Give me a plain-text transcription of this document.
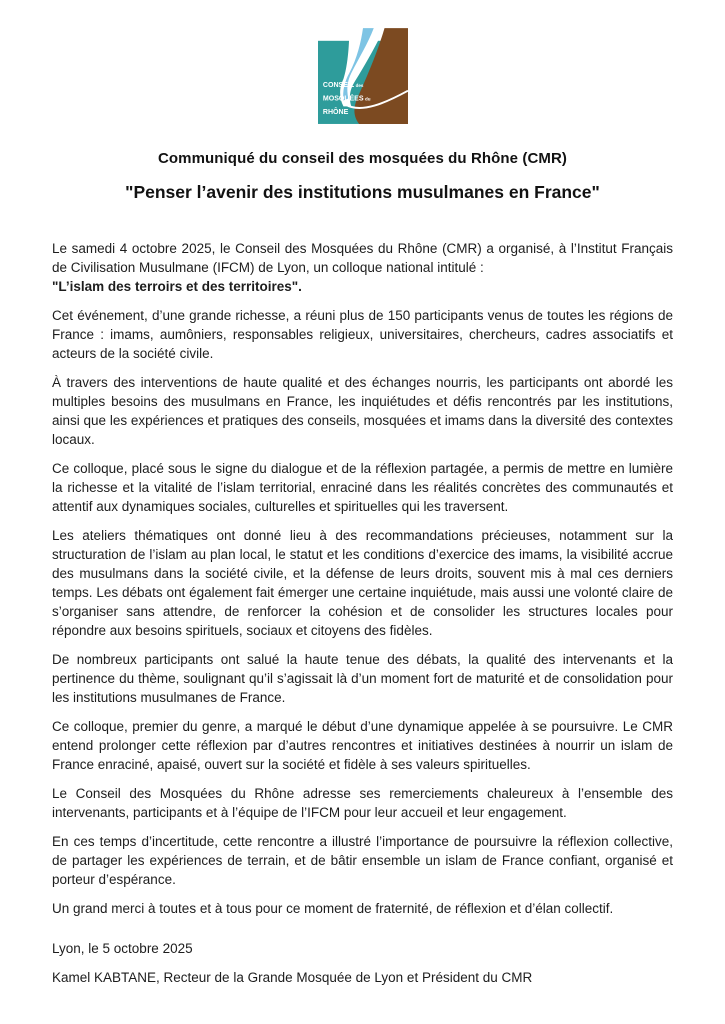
CONSEILdes
MOSQUÉESdu
RHÔNE
Communiqué du conseil des mosquées du Rhône (CMR)
"Penser l’avenir des institutions musulmanes en France"

Le samedi 4 octobre 2025, le Conseil des Mosquées du Rhône (CMR) a organisé, à l’Institut Français de Civilisation Musulmane (IFCM) de Lyon, un colloque national intitulé :
"L’islam des terroirs et des territoires".

Cet événement, d’une grande richesse, a réuni plus de 150 participants venus de toutes les régions de France : imams, aumôniers, responsables religieux, universitaires, chercheurs, cadres associatifs et acteurs de la société civile.

À travers des interventions de haute qualité et des échanges nourris, les participants ont abordé les multiples besoins des musulmans en France, les inquiétudes et défis rencontrés par les institutions, ainsi que les expériences et pratiques des conseils, mosquées et imams dans la diversité des contextes locaux.

Ce colloque, placé sous le signe du dialogue et de la réflexion partagée, a permis de mettre en lumière la richesse et la vitalité de l’islam territorial, enraciné dans les réalités concrètes des communautés et attentif aux dynamiques sociales, culturelles et spirituelles qui les traversent.

Les ateliers thématiques ont donné lieu à des recommandations précieuses, notamment sur la structuration de l’islam au plan local, le statut et les conditions d’exercice des imams, la visibilité accrue des musulmans dans la société civile, et la défense de leurs droits, souvent mis à mal ces derniers temps. Les débats ont également fait émerger une certaine inquiétude, mais aussi une volonté claire de s’organiser sans attendre, de renforcer la cohésion et de consolider les structures locales pour répondre aux besoins spirituels, sociaux et citoyens des fidèles.

De nombreux participants ont salué la haute tenue des débats, la qualité des intervenants et la pertinence du thème, soulignant qu’il s’agissait là d’un moment fort de maturité et de consolidation pour les institutions musulmanes de France.

Ce colloque, premier du genre, a marqué le début d’une dynamique appelée à se poursuivre. Le CMR entend prolonger cette réflexion par d’autres rencontres et initiatives destinées à nourrir un islam de France enraciné, apaisé, ouvert sur la société et fidèle à ses valeurs spirituelles.

Le Conseil des Mosquées du Rhône adresse ses remerciements chaleureux à l’ensemble des intervenants, participants et à l’équipe de l’IFCM pour leur accueil et leur engagement.

En ces temps d’incertitude, cette rencontre a illustré l’importance de poursuivre la réflexion collective, de partager les expériences de terrain, et de bâtir ensemble un islam de France confiant, organisé et porteur d’espérance.

Un grand merci à toutes et à tous pour ce moment de fraternité, de réflexion et d’élan collectif.

Lyon, le 5 octobre 2025

Kamel KABTANE, Recteur de la Grande Mosquée de Lyon et Président du CMR
